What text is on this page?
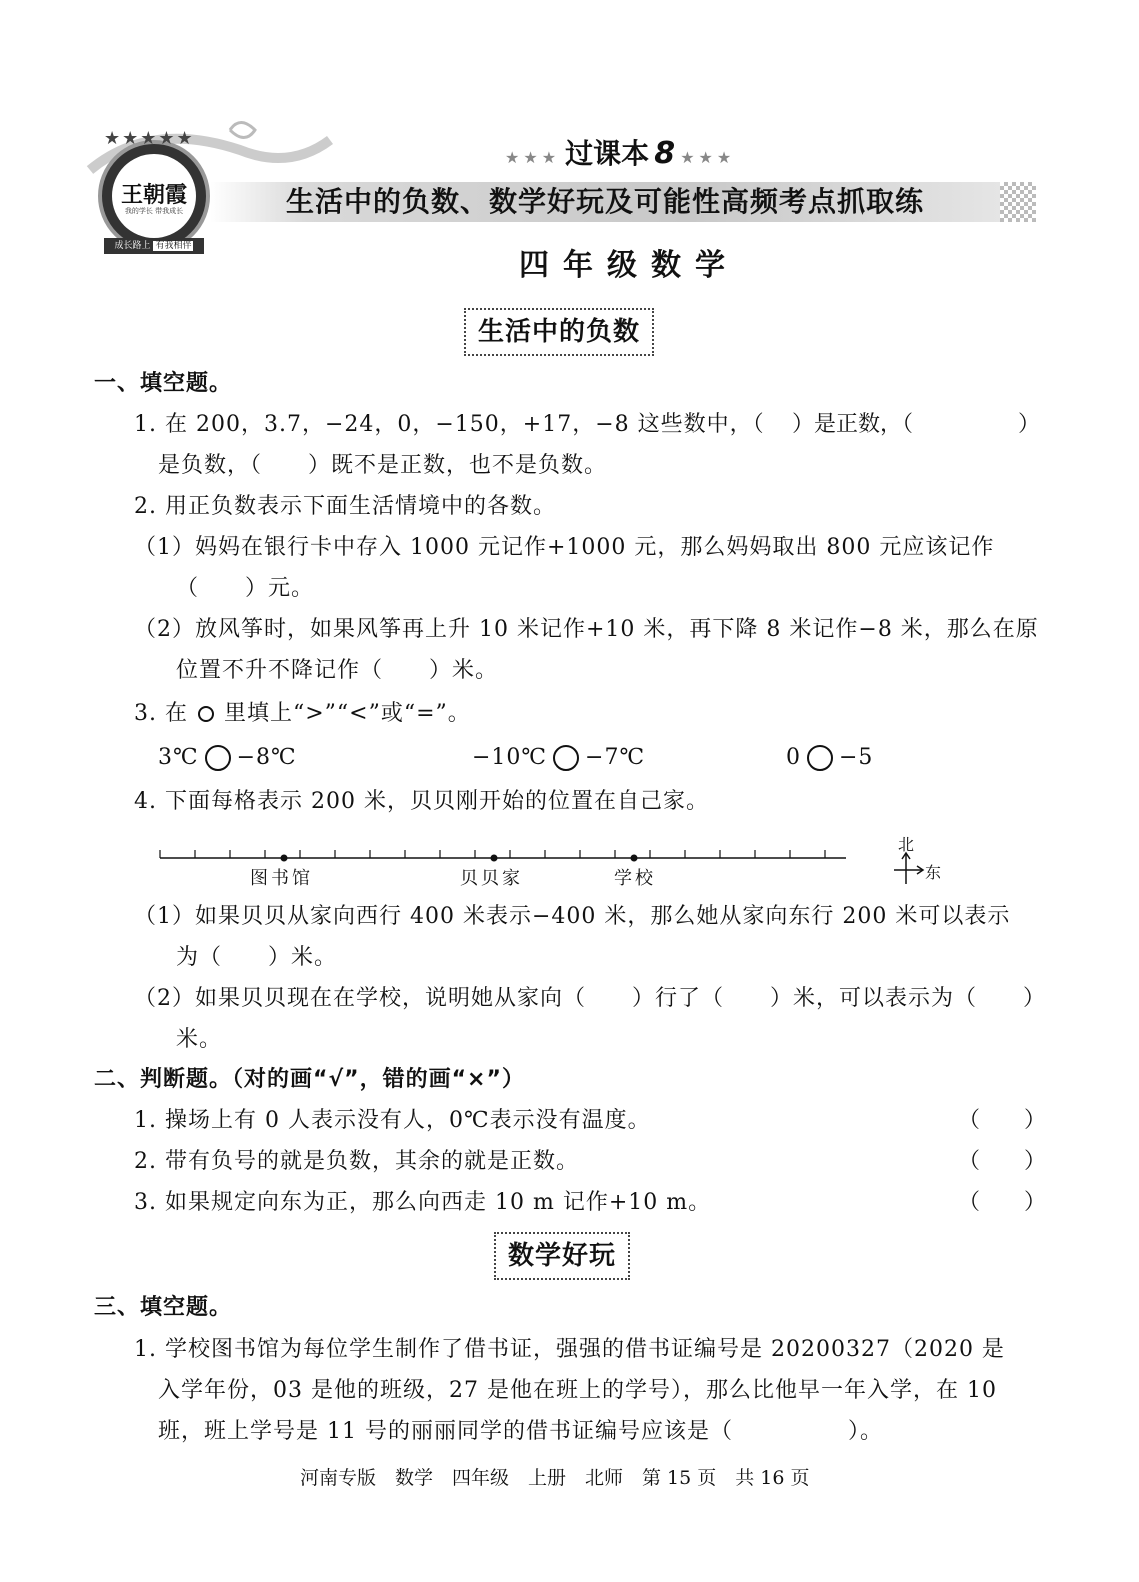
王朝霞
我的学长 带我成长
★★★★★
成长路上 有我相伴
★★★ 过课本 8 ★★★
生活中的负数、数学好玩及可能性高频考点抓取练
四年级数学
生活中的负数
一、填空题。
1. 在 200，3.7，−24，0，−150，+17，−8 这些数中，（ ）是正数，（	）
是负数，（　　）既不是正数，也不是负数。
2. 用正负数表示下面生活情境中的各数。
（1）妈妈在银行卡中存入 1000 元记作+1000 元，那么妈妈取出 800 元应该记作
（　　）元。
（2）放风筝时，如果风筝再上升 10 米记作+10 米，再下降 8 米记作−8 米，那么在原
位置不升不降记作（　　）米。
3. 在 里填上“>”“<”或“=”。
3℃ −8℃	−10℃ −7℃	0 −5
4. 下面每格表示 200 米，贝贝刚开始的位置在自己家。
图书馆	贝贝家	学校
北
东
（1）如果贝贝从家向西行 400 米表示−400 米，那么她从家向东行 200 米可以表示
为（　　）米。
（2）如果贝贝现在在学校，说明她从家向（　　）行了（　　）米，可以表示为（　　）
米。
二、判断题。（对的画“√”，错的画“×”）
1. 操场上有 0 人表示没有人，0℃表示没有温度。	（　　）
2. 带有负号的就是负数，其余的就是正数。	（　　）
3. 如果规定向东为正，那么向西走 10 m 记作+10 m。	（　　）
数学好玩
三、填空题。
1. 学校图书馆为每位学生制作了借书证，强强的借书证编号是 20200327（2020 是
入学年份，03 是他的班级，27 是他在班上的学号），那么比他早一年入学，在 10
班，班上学号是 11 号的丽丽同学的借书证编号应该是（　　　　　）。
河南专版　数学　四年级　上册　北师　第 15 页　共 16 页
